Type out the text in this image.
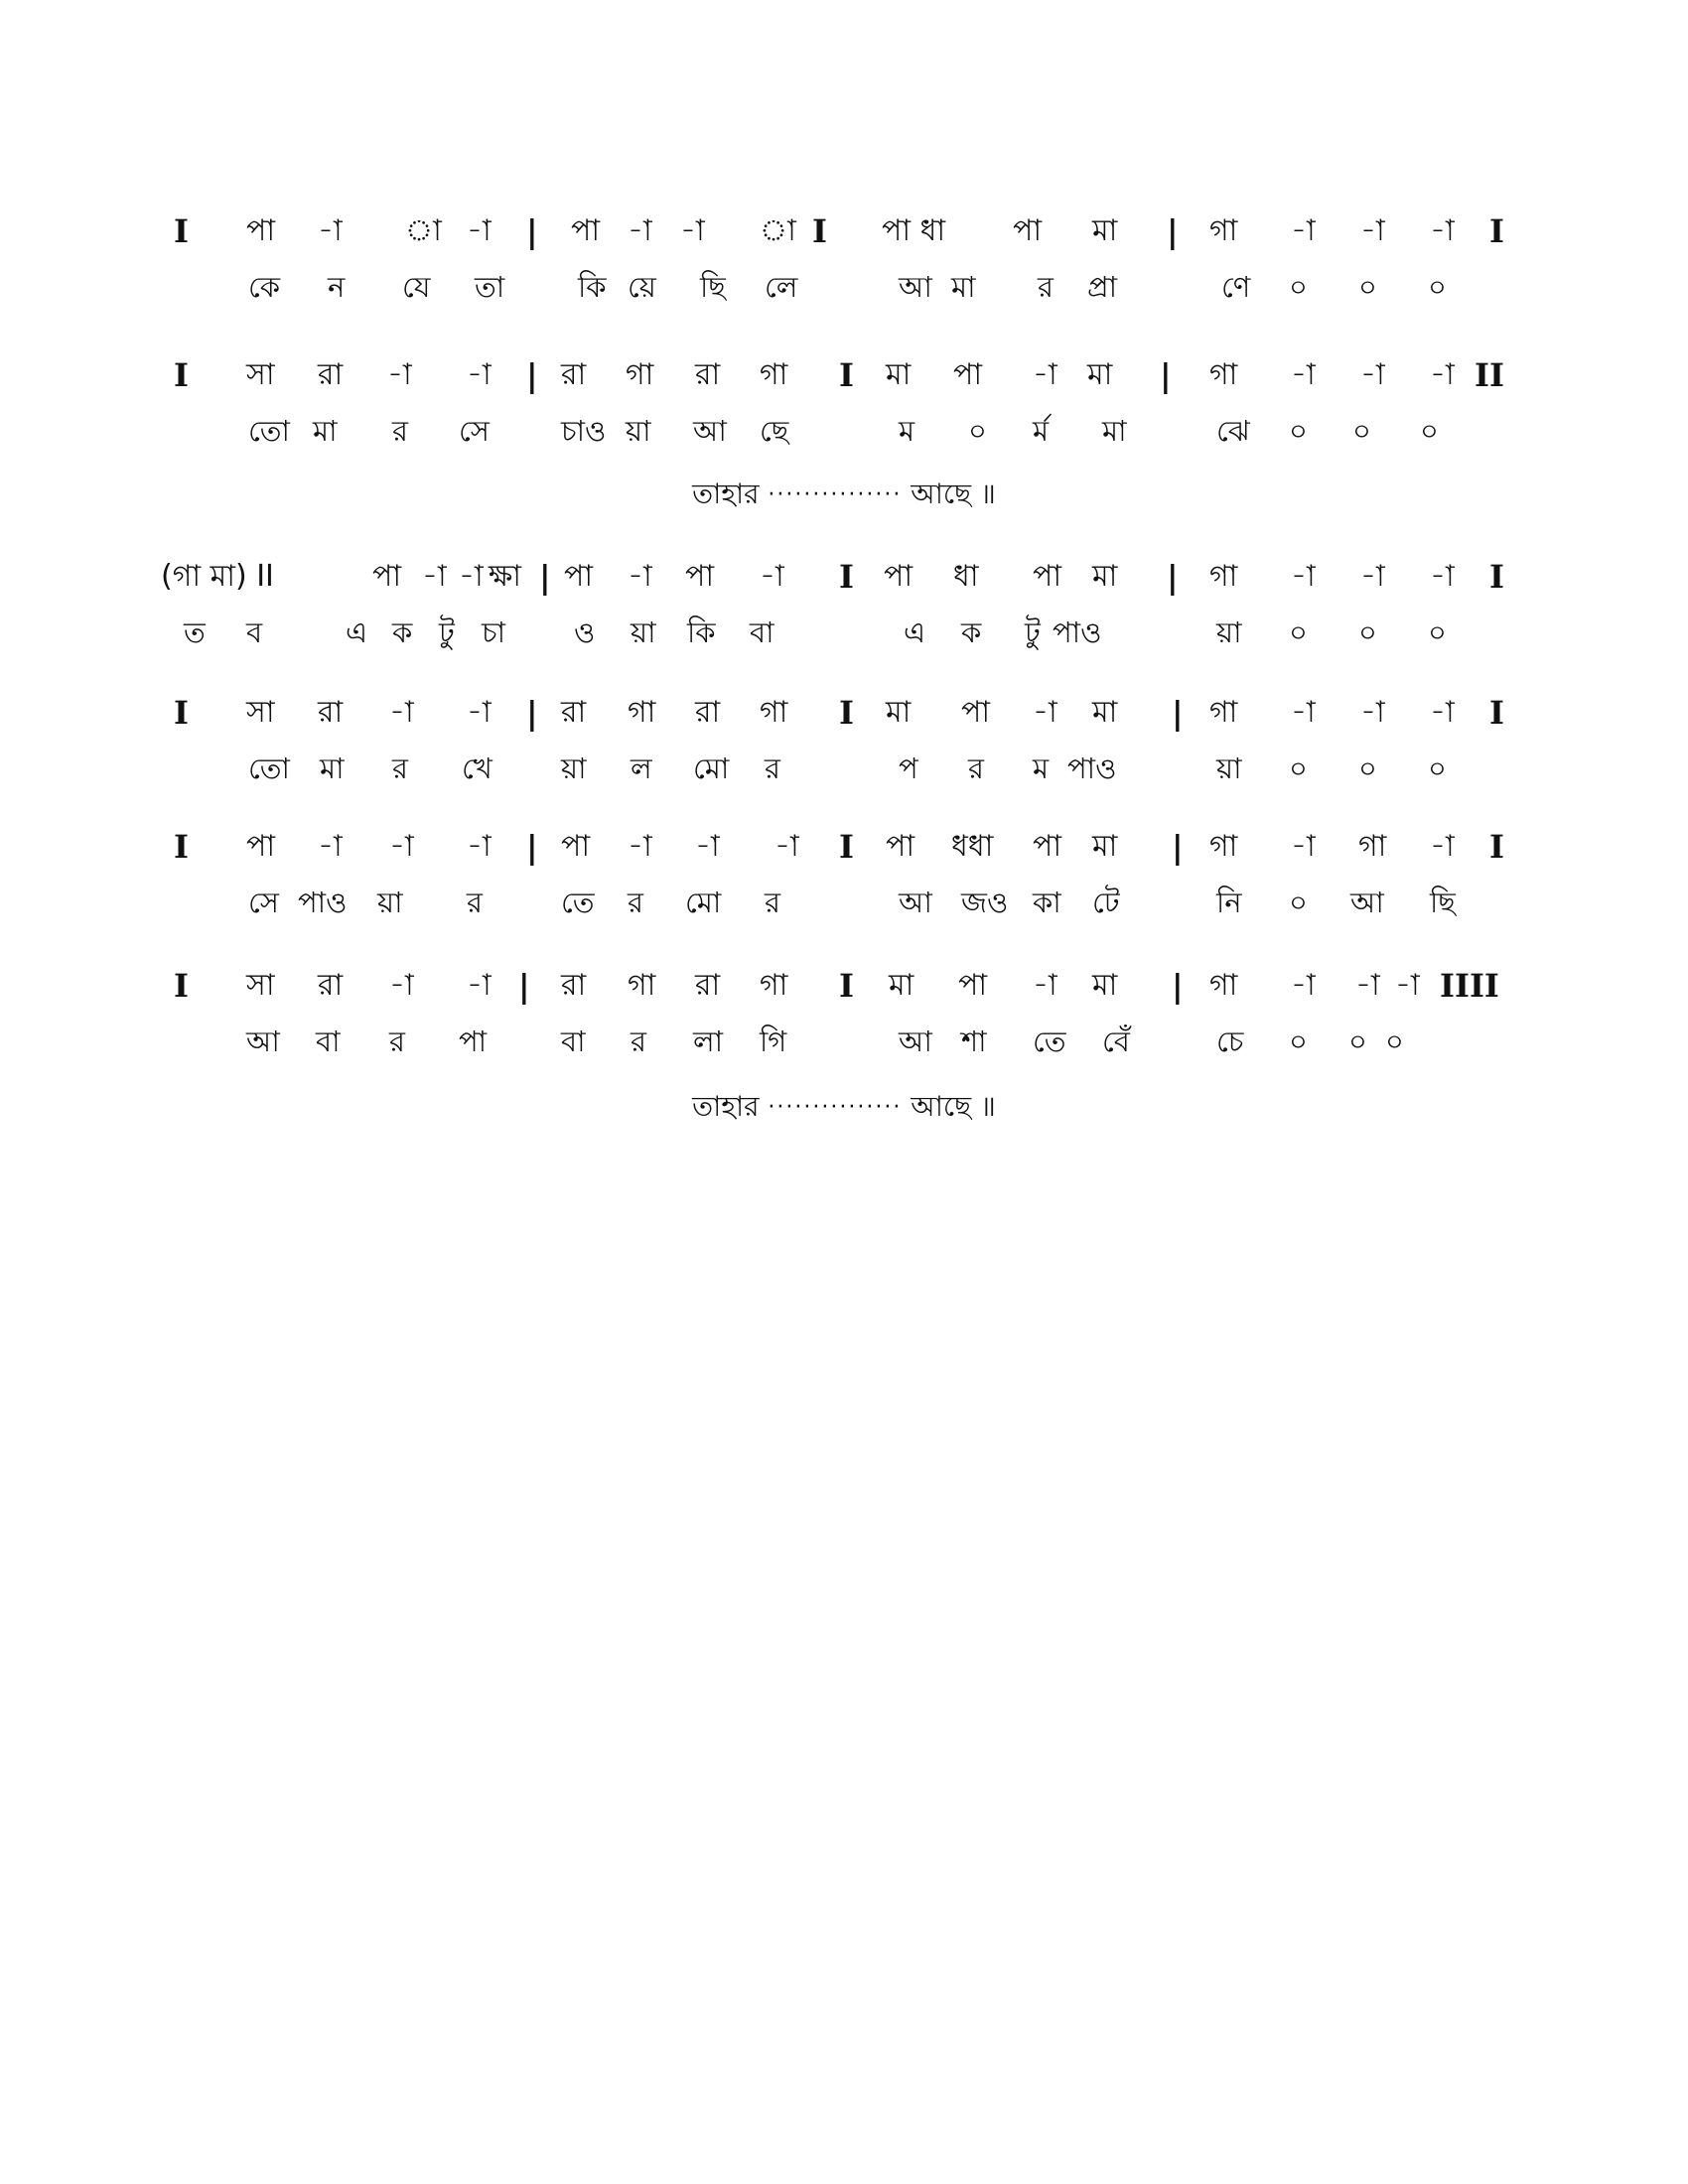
I পা -া া -া | পা -া -া া I পা ধা পা মা | গা -া -া -া I
কে ন যে তা	কি য়ে ছি লে	আ মা র প্রা	ণে ০ ০ ০
I সা রা -া -া | রা গা রা গা I মা পা -া মা | গা -া -া -া II
তো মা র সে চাও য়া আ ছে	ম ০ র্ম মা	ঝে ০ ০ ০
তাহার ··············· আছে ॥
(গা মা) II	পা -া -া ক্ষা | পা -া পা -া I পা ধা পা মা | গা -া -া -া I
ত ব	এ ক টু চা ও য়া কি বা	এ ক টু পাও	য়া ০ ০ ০
I সা রা -া -া | রা গা রা গা I মা পা -া মা | গা -া -া -া I
তো মা র খে য়া ল মো র	প র ম পাও	য়া ০ ০ ০
I পা -া -া -া | পা -া -া -া I পা ধধা পা মা | গা -া গা -া I
সে পাও য়া র	তে র মো র	আ জও কা টে	নি ০ আ ছি
I সা রা -া -া | রা গা রা গা I মা পা -া মা | গা -া -া -া IIII
আ বা র পা	বা র লা গি	আ শা তে বেঁ	চে ০ ০ ০
তাহার ··············· আছে ॥
